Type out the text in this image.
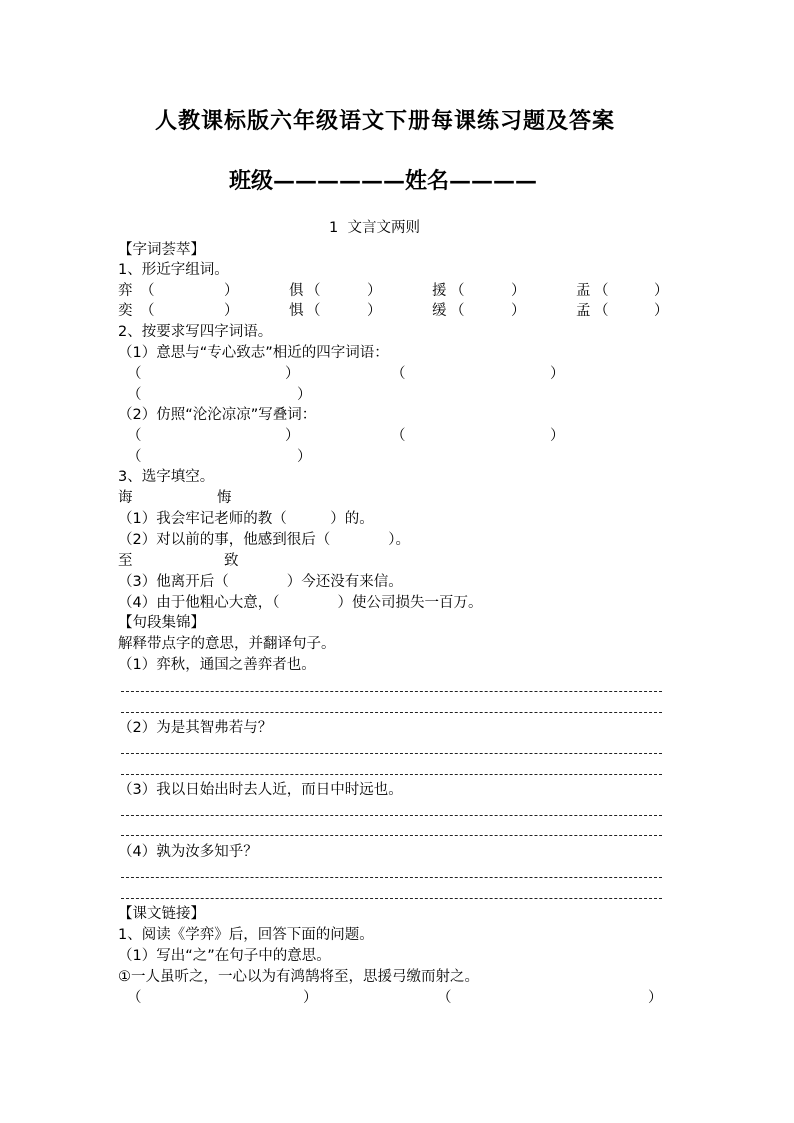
人教课标版六年级语文下册每课练习题及答案
班级——————姓名————
1 文言文两则
【字词荟萃】
1、形近字组词。
弈 （	）	俱 （	）	援 （	）	盂 （	）
奕 （	）	惧 （	）	缓 （	）	孟 （	）
2、按要求写四字词语。
（1）意思与“专心致志”相近的四字词语：
（	）	（	）
（	）
（2）仿照“沦沦凉凉”写叠词：
（	）	（	）
（	）
3、选字填空。
诲	悔
（1）我会牢记老师的教（　　　）的。
（2）对以前的事，他感到很后（　　　　）。
至	致
（3）他离开后（　　　　）今还没有来信。
（4）由于他粗心大意，（　　　　）使公司损失一百万。
【句段集锦】
解释带点字的意思，并翻译句子。
（1）弈秋，通国之善弈者也。
（2）为是其智弗若与？
（3）我以日始出时去人近，而日中时远也。
（4）孰为汝多知乎？
【课文链接】
1、阅读《学弈》后，回答下面的问题。
（1）写出“之”在句子中的意思。
①一人虽听之，一心以为有鸿鹄将至，思援弓缴而射之。
（	）	（	）
